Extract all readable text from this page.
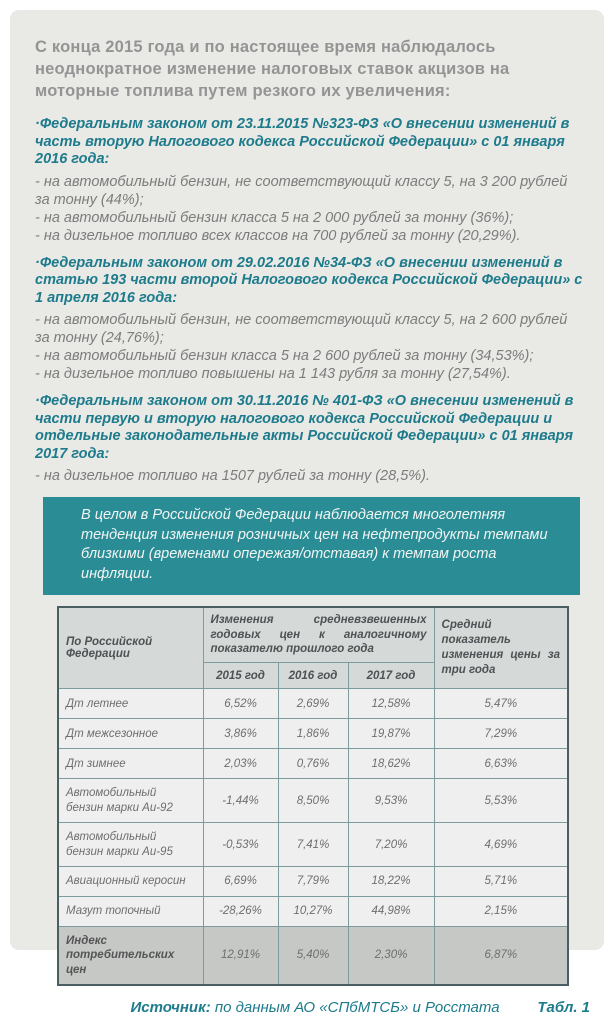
С конца 2015 года и по настоящее время наблюдалось неоднократное изменение налоговых ставок акцизов на моторные топлива путем резкого их увеличения:

·Федеральным законом от 23.11.2015 №323-ФЗ «О внесении изменений в часть вторую Налогового кодекса Российской Федерации» с 01 января 2016 года:

- на автомобильный бензин, не соответствующий классу 5, на 3 200 рублей за тонну (44%);
- на автомобильный бензин класса 5 на 2 000 рублей за тонну (36%);
- на дизельное топливо всех классов на 700 рублей за тонну (20,29%).

·Федеральным законом от 29.02.2016 №34-ФЗ «О внесении изменений в статью 193 части второй Налогового кодекса Российской Федерации» с 1 апреля 2016 года:

- на автомобильный бензин, не соответствующий классу 5, на 2 600 рублей за тонну (24,76%);
- на автомобильный бензин класса 5 на 2 600 рублей за тонну (34,53%);
- на дизельное топливо повышены на 1 143 рубля за тонну (27,54%).

·Федеральным законом от 30.11.2016 № 401-ФЗ «О внесении изменений в части первую и вторую налогового кодекса Российской Федерации и отдельные законодательные акты Российской Федерации» с 01 января 2017 года:

- на дизельное топливо на 1507 рублей за тонну (28,5%).
В целом в Российской Федерации наблюдается многолетняя тенденция изменения розничных цен на нефтепродукты темпами близкими (временами опережая/отставая) к темпам роста инфляции.
По Российской Федерации	Изменения средневзвешенных годовых цен к аналогичному показателю прошлого года			Средний показатель изменения цены за три года
	2015 год	2016 год	2017 год	
Дт летнее	6,52%	2,69%	12,58%	5,47%
Дт межсезонное	3,86%	1,86%	19,87%	7,29%
Дт зимнее	2,03%	0,76%	18,62%	6,63%
Автомобильный бензин марки Аи-92	-1,44%	8,50%	9,53%	5,53%
Автомобильный бензин марки Аи-95	-0,53%	7,41%	7,20%	4,69%
Авиационный керосин	6,69%	7,79%	18,22%	5,71%
Мазут топочный	-28,26%	10,27%	44,98%	2,15%
Индекс потребительских цен	12,91%	5,40%	2,30%	6,87%
Источник: по данным АО «СПбМТСБ» и Росстата	Табл. 1
